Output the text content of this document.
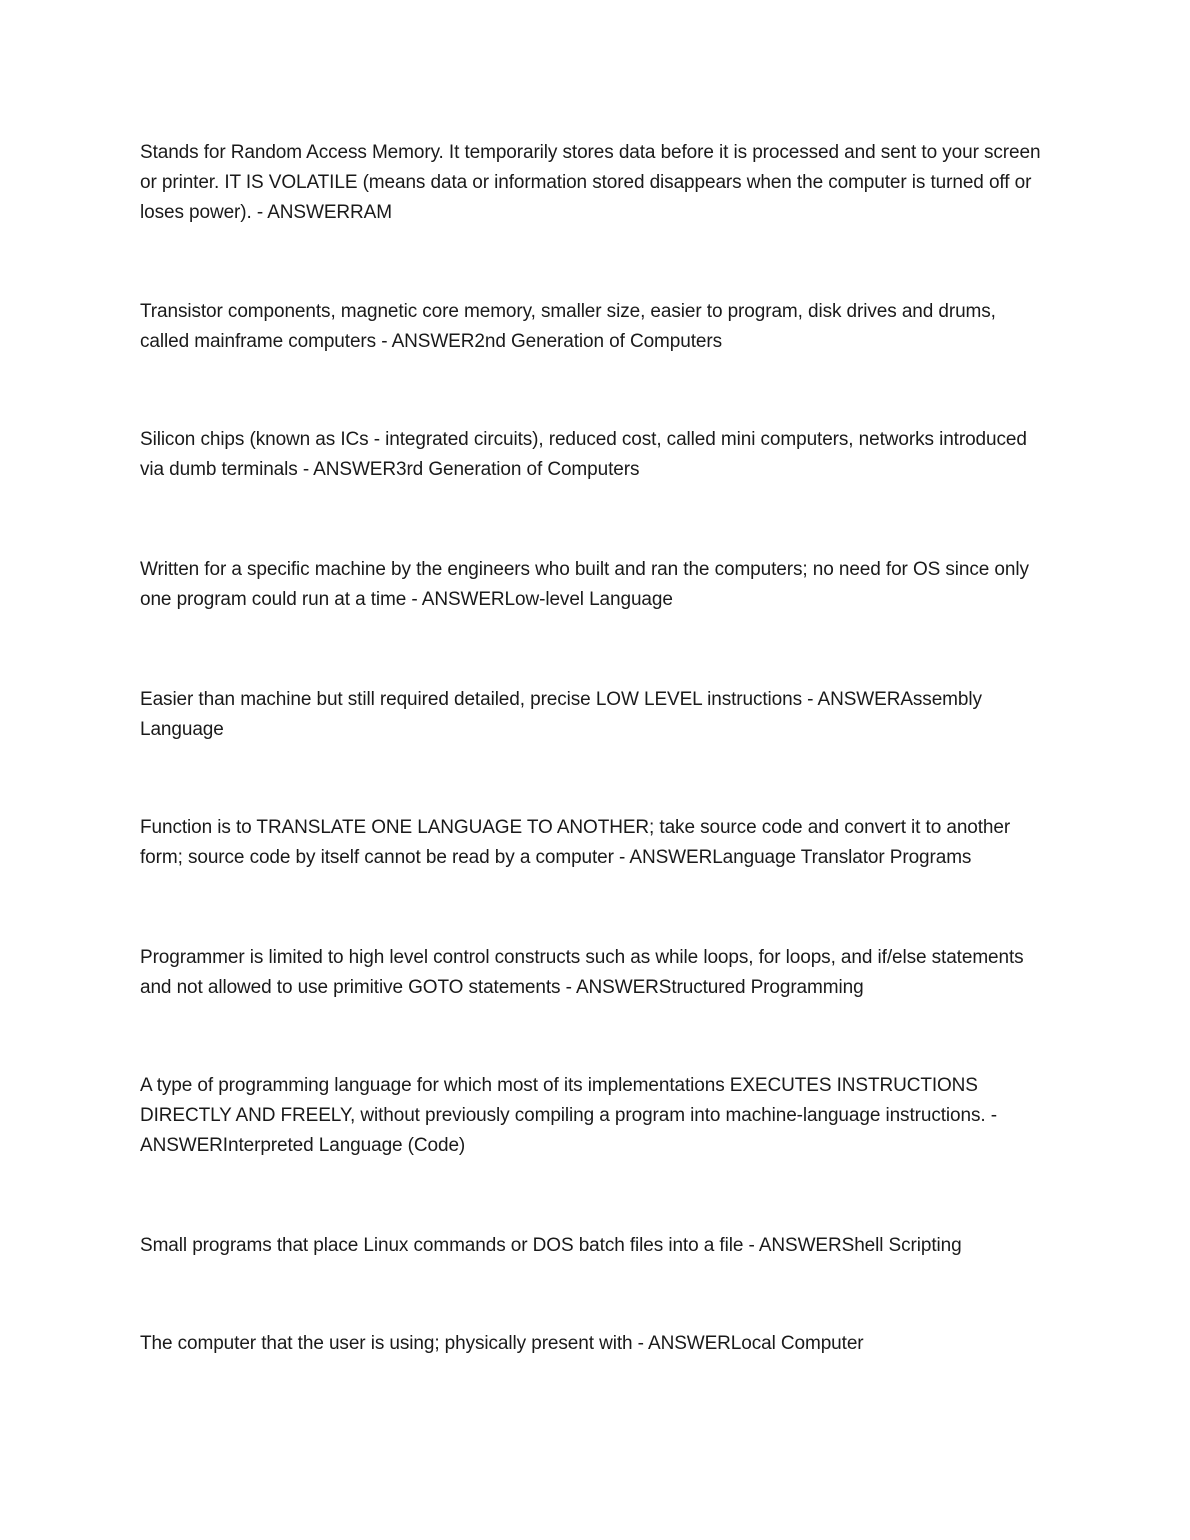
Stands for Random Access Memory. It temporarily stores data before it is processed and sent to your screen or printer. IT IS VOLATILE (means data or information stored disappears when the computer is turned off or loses power). - ANSWERRAM

Transistor components, magnetic core memory, smaller size, easier to program, disk drives and drums, called mainframe computers - ANSWER2nd Generation of Computers

Silicon chips (known as ICs - integrated circuits), reduced cost, called mini computers, networks introduced via dumb terminals - ANSWER3rd Generation of Computers

Written for a specific machine by the engineers who built and ran the computers; no need for OS since only one program could run at a time - ANSWERLow-level Language

Easier than machine but still required detailed, precise LOW LEVEL instructions - ANSWERAssembly Language

Function is to TRANSLATE ONE LANGUAGE TO ANOTHER; take source code and convert it to another form; source code by itself cannot be read by a computer - ANSWERLanguage Translator Programs

Programmer is limited to high level control constructs such as while loops, for loops, and if/else statements and not allowed to use primitive GOTO statements - ANSWERStructured Programming

A type of programming language for which most of its implementations EXECUTES INSTRUCTIONS DIRECTLY AND FREELY, without previously compiling a program into machine-language instructions. - ANSWERInterpreted Language (Code)

Small programs that place Linux commands or DOS batch files into a file - ANSWERShell Scripting

The computer that the user is using; physically present with - ANSWERLocal Computer
